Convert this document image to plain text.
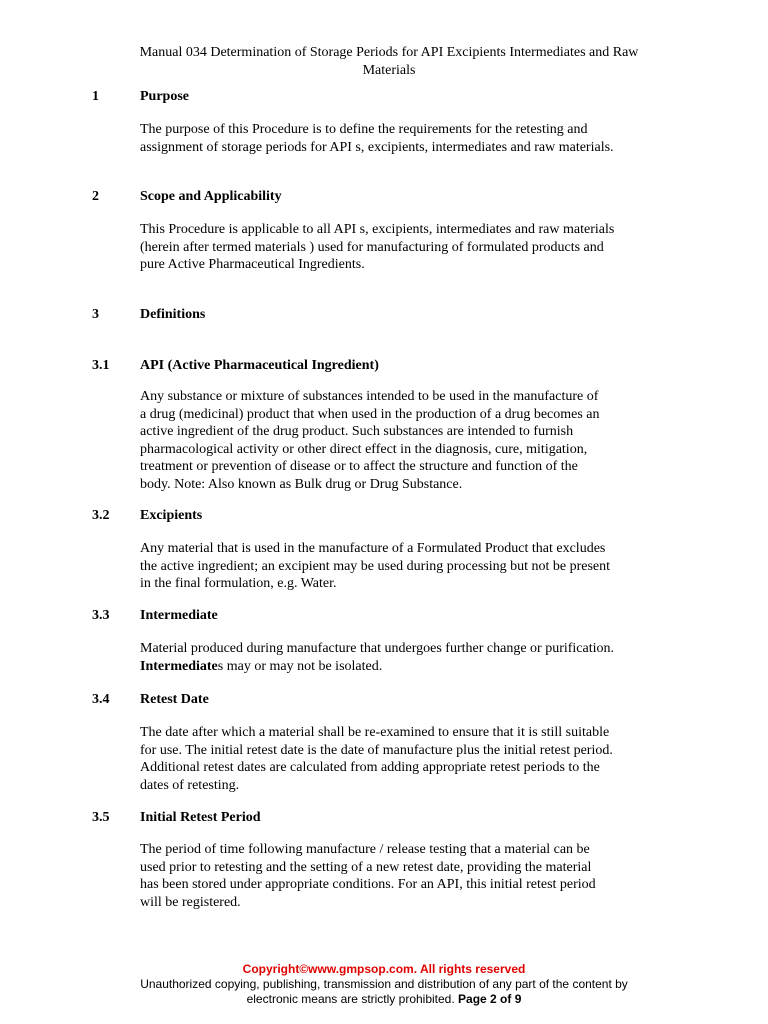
Manual 034 Determination of Storage Periods for API Excipients Intermediates and Raw
Materials
1	Purpose
The purpose of this Procedure is to define the requirements for the retesting and
assignment of storage periods for API s, excipients, intermediates and raw materials.
2	Scope and Applicability
This Procedure is applicable to all API s, excipients, intermediates and raw materials
(herein after termed materials ) used for manufacturing of formulated products and
pure Active Pharmaceutical Ingredients.
3	Definitions
3.1 API (Active Pharmaceutical Ingredient)
Any substance or mixture of substances intended to be used in the manufacture of
a drug (medicinal) product that when used in the production of a drug becomes an
active ingredient of the drug product. Such substances are intended to furnish
pharmacological activity or other direct effect in the diagnosis, cure, mitigation,
treatment or prevention of disease or to affect the structure and function of the
body. Note: Also known as Bulk drug or Drug Substance.
3.2 Excipients
Any material that is used in the manufacture of a Formulated Product that excludes
the active ingredient; an excipient may be used during processing but not be present
in the final formulation, e.g. Water.
3.3 Intermediate
Material produced during manufacture that undergoes further change or purification.
Intermediates may or may not be isolated.
3.4 Retest Date
The date after which a material shall be re-examined to ensure that it is still suitable
for use. The initial retest date is the date of manufacture plus the initial retest period.
Additional retest dates are calculated from adding appropriate retest periods to the
dates of retesting.
3.5 Initial Retest Period
The period of time following manufacture / release testing that a material can be
used prior to retesting and the setting of a new retest date, providing the material
has been stored under appropriate conditions. For an API, this initial retest period
will be registered.
Copyright©www.gmpsop.com. All rights reserved
Unauthorized copying, publishing, transmission and distribution of any part of the content by
electronic means are strictly prohibited. Page 2 of 9
